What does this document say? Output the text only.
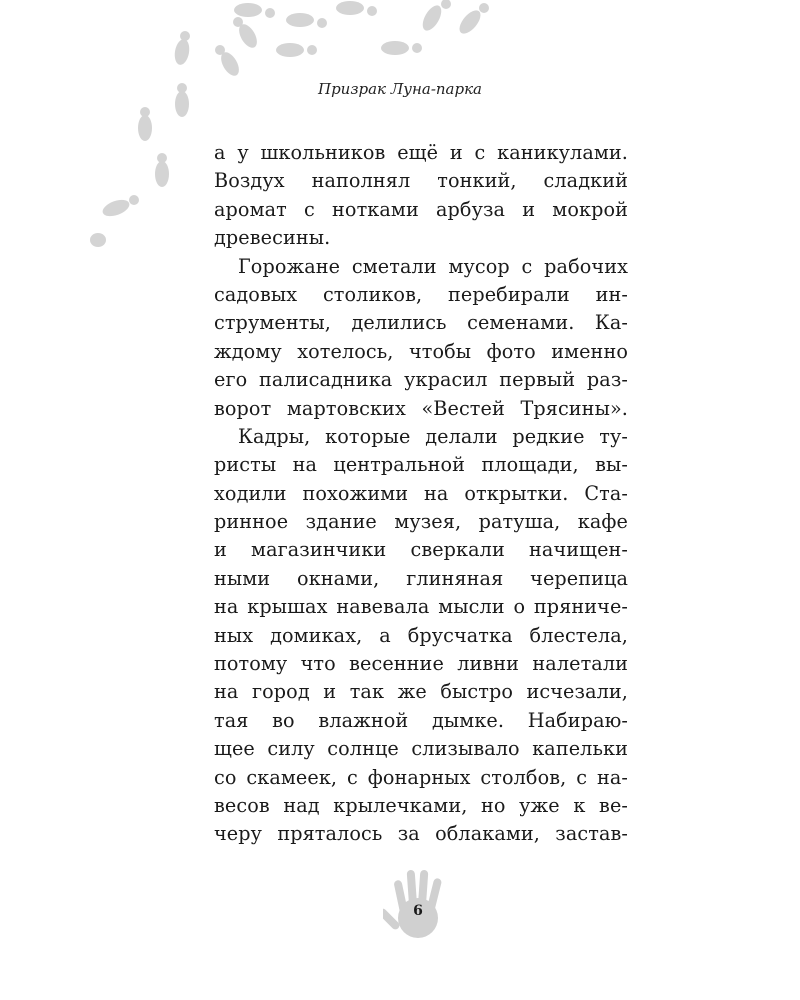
Призрак Луна-парка
а у школьников ещё и с каникулами.
Воздух наполнял тонкий, сладкий
аромат с нотками арбуза и мокрой
древесины.
Горожане сметали мусор с рабочих
садовых столиков, перебирали ин-
струменты, делились семенами. Ка-
ждому хотелось, чтобы фото именно
его палисадника украсил первый раз-
ворот мартовских «Вестей Трясины».
Кадры, которые делали редкие ту-
ристы на центральной площади, вы-
ходили похожими на открытки. Ста-
ринное здание музея, ратуша, кафе
и магазинчики сверкали начищен-
ными окнами, глиняная черепица
на крышах навевала мысли о пряниче-
ных домиках, а брусчатка блестела,
потому что весенние ливни налетали
на город и так же быстро исчезали,
тая во влажной дымке. Набираю-
щее силу солнце слизывало капельки
со скамеек, с фонарных столбов, с на-
весов над крылечками, но уже к ве-
черу пряталось за облаками, застав-
6
